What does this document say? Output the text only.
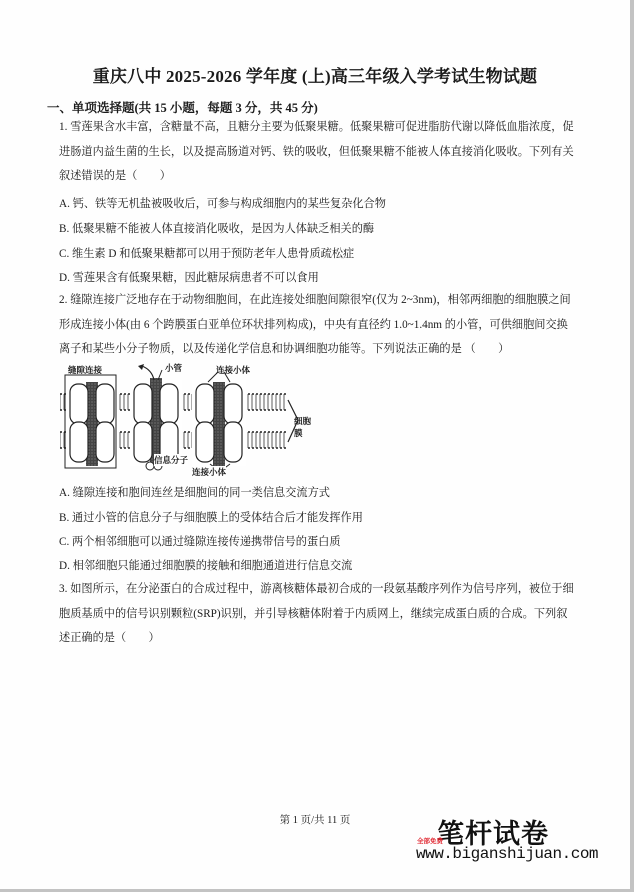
重庆八中 2025-2026 学年度 (上)高三年级入学考试生物试题
一、单项选择题(共 15 小题，每题 3 分，共 45 分)
1. 雪莲果含水丰富，含糖量不高，且糖分主要为低聚果糖。低聚果糖可促进脂肪代谢以降低血脂浓度，促
进肠道内益生菌的生长，以及提高肠道对钙、铁的吸收，但低聚果糖不能被人体直接消化吸收。下列有关
叙述错误的是（　　）
A. 钙、铁等无机盐被吸收后，可参与构成细胞内的某些复杂化合物
B. 低聚果糖不能被人体直接消化吸收，是因为人体缺乏相关的酶
C. 维生素 D 和低聚果糖都可以用于预防老年人患骨质疏松症
D. 雪莲果含有低聚果糖，因此糖尿病患者不可以食用
2. 缝隙连接广泛地存在于动物细胞间，在此连接处细胞间隙很窄(仅为 2~3nm)，相邻两细胞的细胞膜之间
形成连接小体(由 6 个跨膜蛋白亚单位环状排列构成)，中央有直径约 1.0~1.4nm 的小管，可供细胞间交换
离子和某些小分子物质，以及传递化学信息和协调细胞功能等。下列说法正确的是 （　　）
缝隙连接	小管	连接小体
细胞膜
信息分子
连接小体
A. 缝隙连接和胞间连丝是细胞间的同一类信息交流方式
B. 通过小管的信息分子与细胞膜上的受体结合后才能发挥作用
C. 两个相邻细胞可以通过缝隙连接传递携带信号的蛋白质
D. 相邻细胞只能通过细胞膜的接触和细胞通道进行信息交流
3. 如图所示，在分泌蛋白的合成过程中，游离核糖体最初合成的一段氨基酸序列作为信号序列，被位于细
胞质基质中的信号识别颗粒(SRP)识别，并引导核糖体附着于内质网上，继续完成蛋白质的合成。下列叙
述正确的是（　　）
第 1 页/共 11 页	笔杆试卷
全部免费
www.biganshijuan.com
